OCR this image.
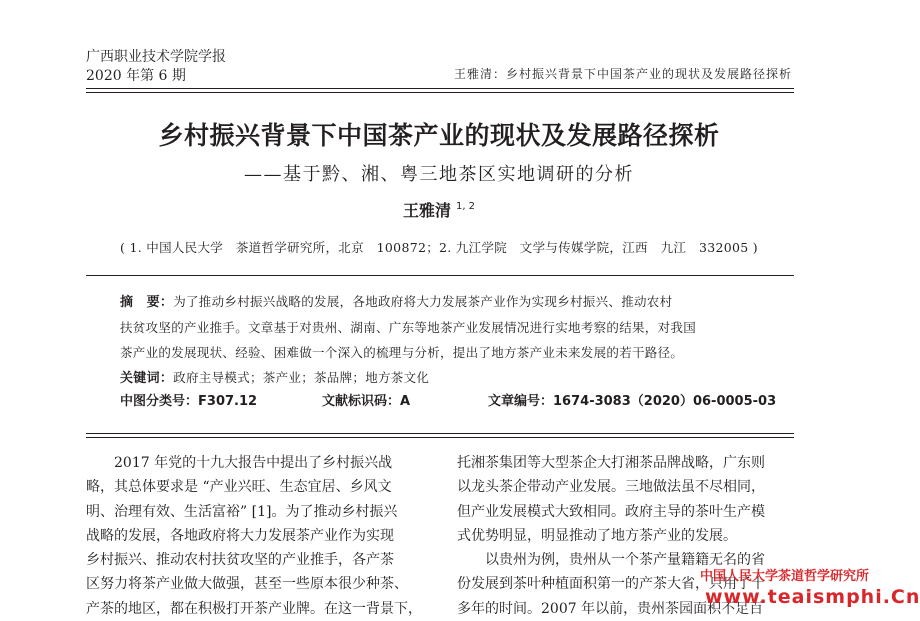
广西职业技术学院学报
2020 年第 6 期	王雅清：乡村振兴背景下中国茶产业的现状及发展路径探析
乡村振兴背景下中国茶产业的现状及发展路径探析
——基于黔、湘、粤三地茶区实地调研的分析
王雅清 $^{1, 2}$
( 1. 中国人民大学　茶道哲学研究所，北京　100872；2. 九江学院　文学与传媒学院，江西　九江　332005 )
摘　要：为了推动乡村振兴战略的发展，各地政府将大力发展茶产业作为实现乡村振兴、推动农村
扶贫攻坚的产业推手。文章基于对贵州、湖南、广东等地茶产业发展情况进行实地考察的结果，对我国
茶产业的发展现状、经验、困难做一个深入的梳理与分析，提出了地方茶产业未来发展的若干路径。
关键词：政府主导模式；茶产业；茶品牌；地方茶文化
中图分类号：F307.12	文献标识码：A	文章编号：1674-3083（2020）06-0005-03
　　2017 年党的十九大报告中提出了乡村振兴战
略，其总体要求是 “产业兴旺、生态宜居、乡风文
明、治理有效、生活富裕” [1]。为了推动乡村振兴
战略的发展，各地政府将大力发展茶产业作为实现
乡村振兴、推动农村扶贫攻坚的产业推手，各产茶
区努力将茶产业做大做强，甚至一些原本很少种茶、
产茶的地区，都在积极打开茶产业牌。在这一背景下，
托湘茶集团等大型茶企大打湘茶品牌战略，广东则
以龙头茶企带动产业发展。三地做法虽不尽相同，
但产业发展模式大致相同。政府主导的茶叶生产模
式优势明显，明显推动了地方茶产业的发展。
　　以贵州为例，贵州从一个茶产量籍籍无名的省
份发展到茶叶种植面积第一的产茶大省，只用了十
多年的时间。2007 年以前，贵州茶园面积不足百
中国人民大学茶道哲学研究所
www.teaismphi.Cn
